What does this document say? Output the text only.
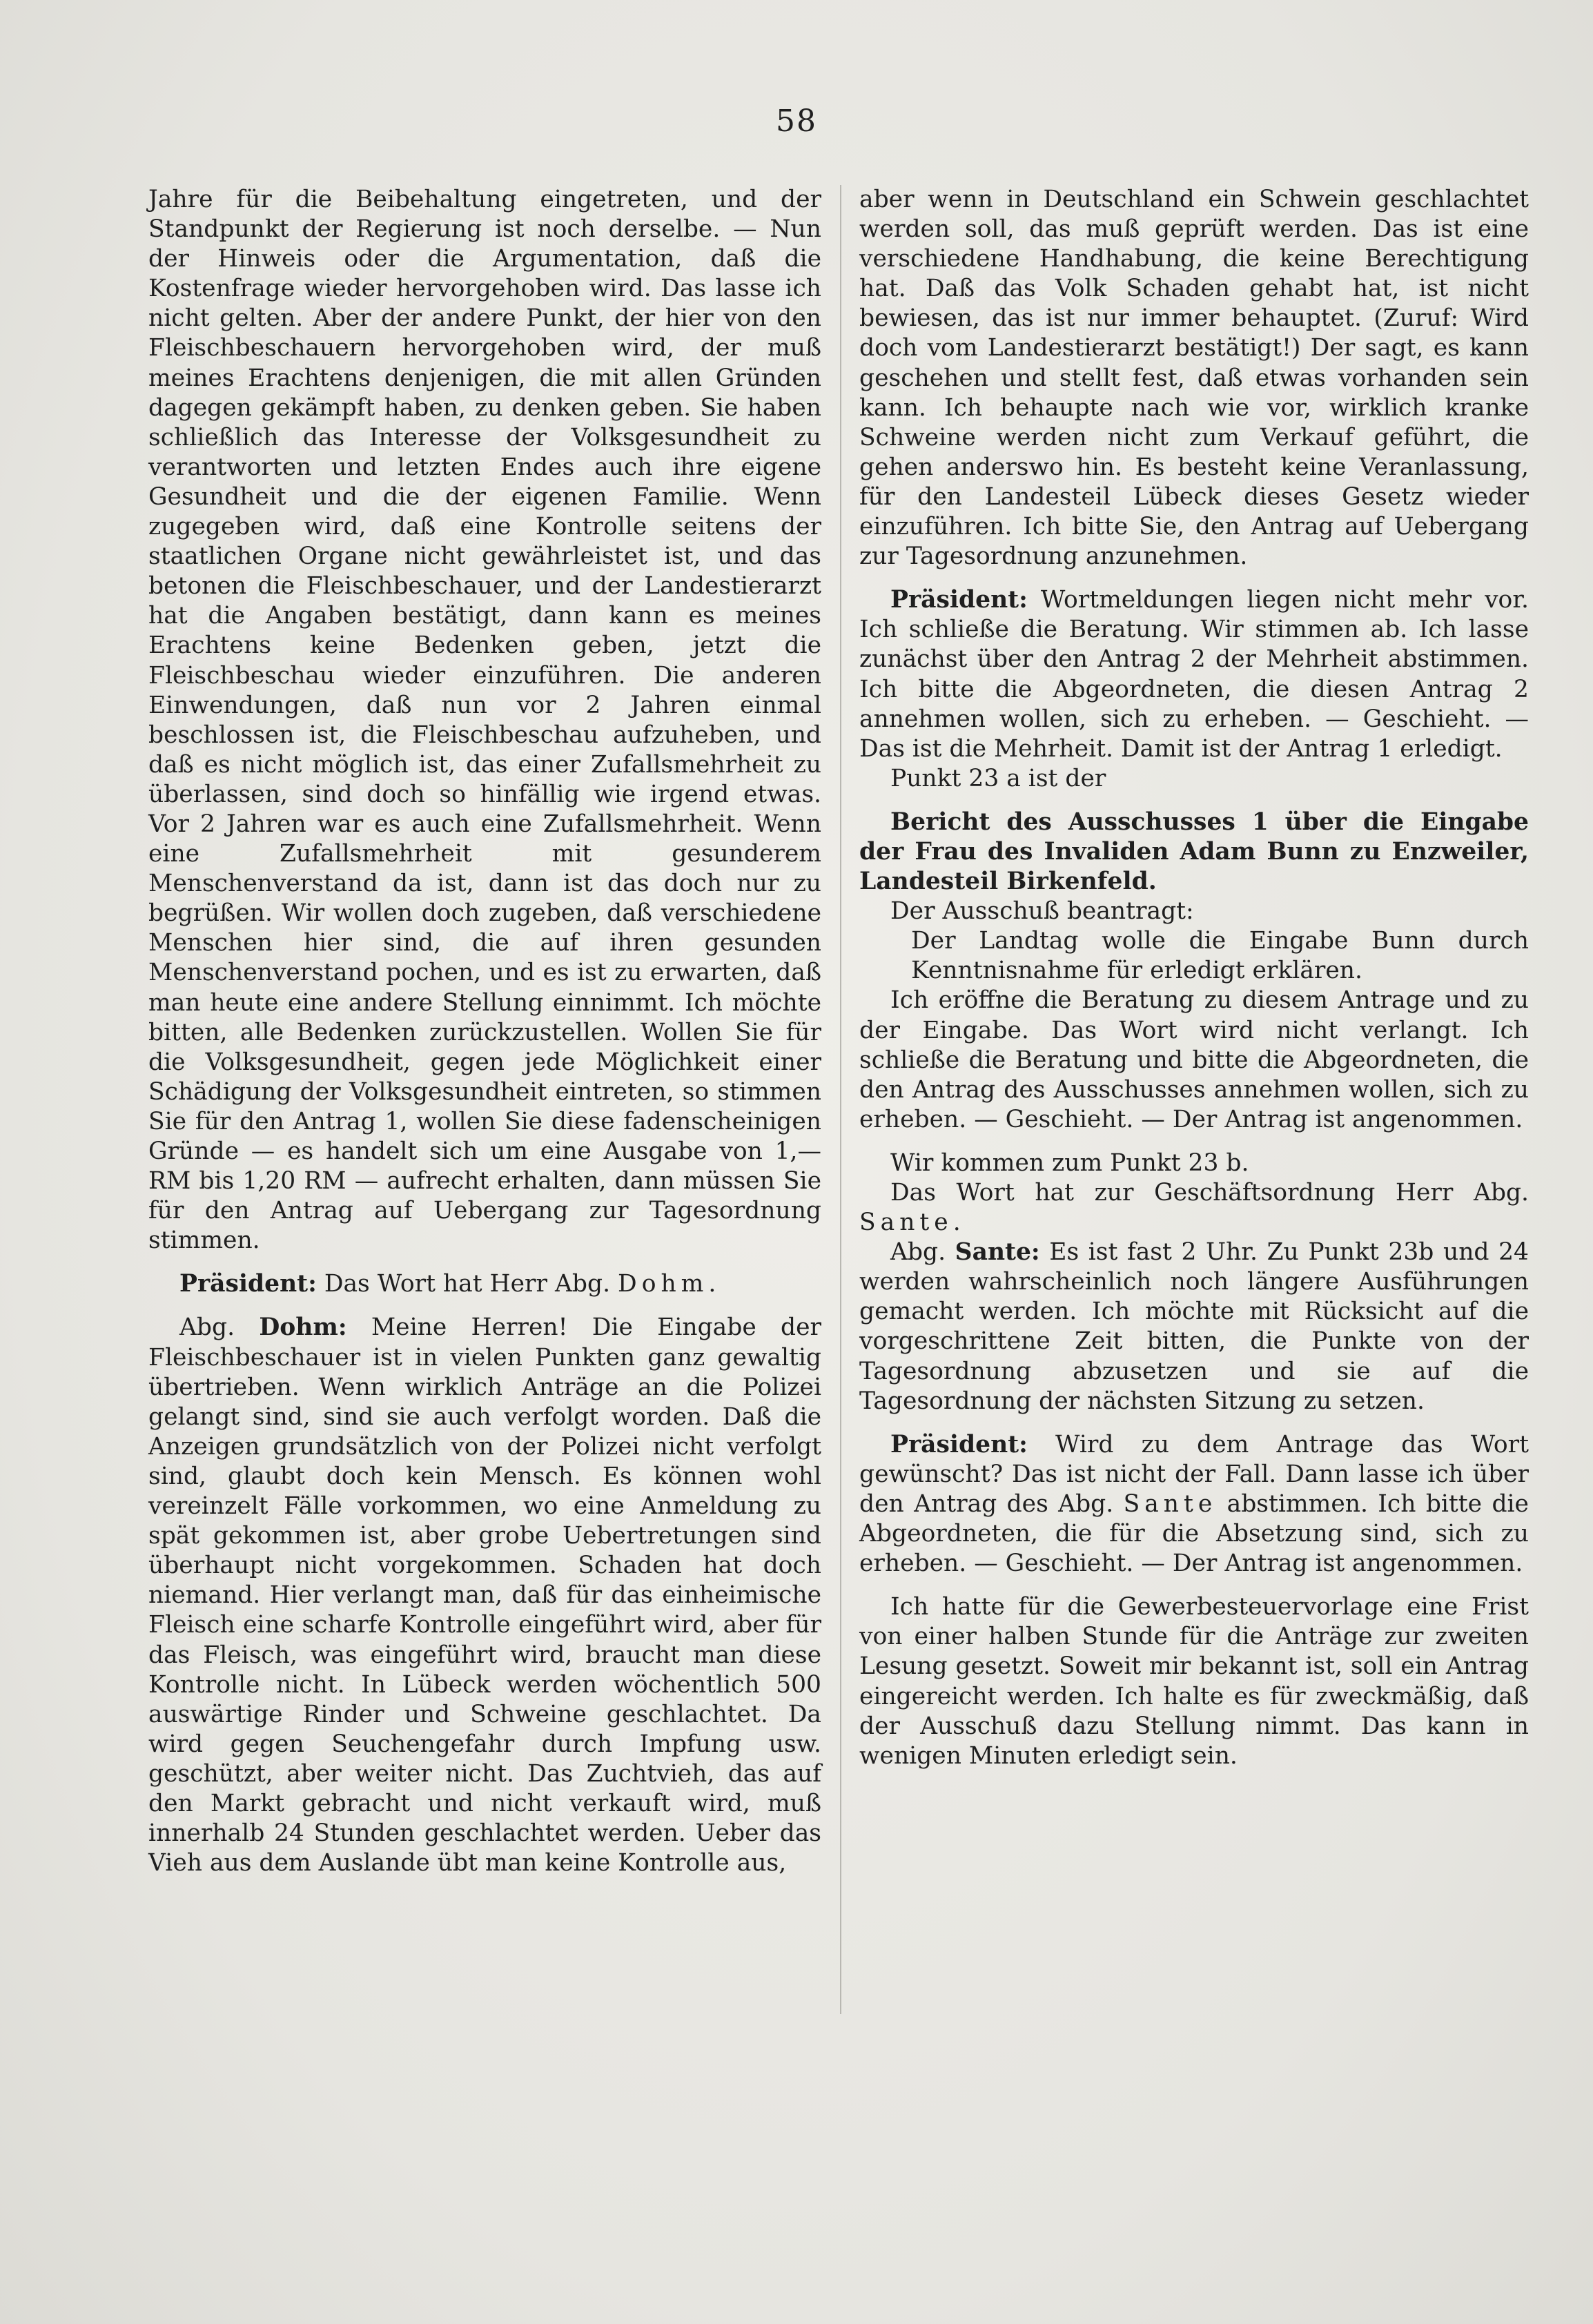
58

Jahre für die Beibehaltung eingetreten, und der Standpunkt der Regierung ist noch derselbe. — Nun der Hinweis oder die Argumentation, daß die Kostenfrage wieder hervorgehoben wird. Das lasse ich nicht gelten. Aber der andere Punkt, der hier von den Fleischbeschauern hervorgehoben wird, der muß meines Erachtens denjenigen, die mit allen Gründen dagegen gekämpft haben, zu denken geben. Sie haben schließlich das Interesse der Volksgesundheit zu verantworten und letzten Endes auch ihre eigene Gesundheit und die der eigenen Familie. Wenn zugegeben wird, daß eine Kontrolle seitens der staatlichen Organe nicht gewährleistet ist, und das betonen die Fleischbeschauer, und der Landestierarzt hat die Angaben bestätigt, dann kann es meines Erachtens keine Bedenken geben, jetzt die Fleischbeschau wieder einzuführen. Die anderen Einwendungen, daß nun vor 2 Jahren einmal beschlossen ist, die Fleischbeschau aufzuheben, und daß es nicht möglich ist, das einer Zufallsmehrheit zu überlassen, sind doch so hinfällig wie irgend etwas. Vor 2 Jahren war es auch eine Zufallsmehrheit. Wenn eine Zufallsmehrheit mit gesunderem Menschenverstand da ist, dann ist das doch nur zu begrüßen. Wir wollen doch zugeben, daß verschiedene Menschen hier sind, die auf ihren gesunden Menschenverstand pochen, und es ist zu erwarten, daß man heute eine andere Stellung einnimmt. Ich möchte bitten, alle Bedenken zurückzustellen. Wollen Sie für die Volksgesundheit, gegen jede Möglichkeit einer Schädigung der Volksgesundheit eintreten, so stimmen Sie für den Antrag 1, wollen Sie diese fadenscheinigen Gründe — es handelt sich um eine Ausgabe von 1,— RM bis 1,20 RM — aufrecht erhalten, dann müssen Sie für den Antrag auf Uebergang zur Tagesordnung stimmen.

Präsident: Das Wort hat Herr Abg. Dohm.

Abg. Dohm: Meine Herren! Die Eingabe der Fleischbeschauer ist in vielen Punkten ganz gewaltig übertrieben. Wenn wirklich Anträge an die Polizei gelangt sind, sind sie auch verfolgt worden. Daß die Anzeigen grundsätzlich von der Polizei nicht verfolgt sind, glaubt doch kein Mensch. Es können wohl vereinzelt Fälle vorkommen, wo eine Anmeldung zu spät gekommen ist, aber grobe Uebertretungen sind überhaupt nicht vorgekommen. Schaden hat doch niemand. Hier verlangt man, daß für das einheimische Fleisch eine scharfe Kontrolle eingeführt wird, aber für das Fleisch, was eingeführt wird, braucht man diese Kontrolle nicht. In Lübeck werden wöchentlich 500 auswärtige Rinder und Schweine geschlachtet. Da wird gegen Seuchengefahr durch Impfung usw. geschützt, aber weiter nicht. Das Zuchtvieh, das auf den Markt gebracht und nicht verkauft wird, muß innerhalb 24 Stunden geschlachtet werden. Ueber das Vieh aus dem Auslande übt man keine Kontrolle aus,

aber wenn in Deutschland ein Schwein geschlachtet werden soll, das muß geprüft werden. Das ist eine verschiedene Handhabung, die keine Berechtigung hat. Daß das Volk Schaden gehabt hat, ist nicht bewiesen, das ist nur immer behauptet. (Zuruf: Wird doch vom Landestierarzt bestätigt!) Der sagt, es kann geschehen und stellt fest, daß etwas vorhanden sein kann. Ich behaupte nach wie vor, wirklich kranke Schweine werden nicht zum Verkauf geführt, die gehen anderswo hin. Es besteht keine Veranlassung, für den Landesteil Lübeck dieses Gesetz wieder einzuführen. Ich bitte Sie, den Antrag auf Uebergang zur Tagesordnung anzunehmen.

Präsident: Wortmeldungen liegen nicht mehr vor. Ich schließe die Beratung. Wir stimmen ab. Ich lasse zunächst über den Antrag 2 der Mehrheit abstimmen. Ich bitte die Abgeordneten, die diesen Antrag 2 annehmen wollen, sich zu erheben. — Geschieht. — Das ist die Mehrheit. Damit ist der Antrag 1 erledigt.

Punkt 23 a ist der

Bericht des Ausschusses 1 über die Eingabe der Frau des Invaliden Adam Bunn zu Enzweiler, Landesteil Birkenfeld.

Der Ausschuß beantragt:

Der Landtag wolle die Eingabe Bunn durch Kenntnisnahme für erledigt erklären.

Ich eröffne die Beratung zu diesem Antrage und zu der Eingabe. Das Wort wird nicht verlangt. Ich schließe die Beratung und bitte die Abgeordneten, die den Antrag des Ausschusses annehmen wollen, sich zu erheben. — Geschieht. — Der Antrag ist angenommen.

Wir kommen zum Punkt 23 b.

Das Wort hat zur Geschäftsordnung Herr Abg. Sante.

Abg. Sante: Es ist fast 2 Uhr. Zu Punkt 23b und 24 werden wahrscheinlich noch längere Ausführungen gemacht werden. Ich möchte mit Rücksicht auf die vorgeschrittene Zeit bitten, die Punkte von der Tagesordnung abzusetzen und sie auf die Tagesordnung der nächsten Sitzung zu setzen.

Präsident: Wird zu dem Antrage das Wort gewünscht? Das ist nicht der Fall. Dann lasse ich über den Antrag des Abg. Sante abstimmen. Ich bitte die Abgeordneten, die für die Absetzung sind, sich zu erheben. — Geschieht. — Der Antrag ist angenommen.

Ich hatte für die Gewerbesteuervorlage eine Frist von einer halben Stunde für die Anträge zur zweiten Lesung gesetzt. Soweit mir bekannt ist, soll ein Antrag eingereicht werden. Ich halte es für zweckmäßig, daß der Ausschuß dazu Stellung nimmt. Das kann in wenigen Minuten erledigt sein.
